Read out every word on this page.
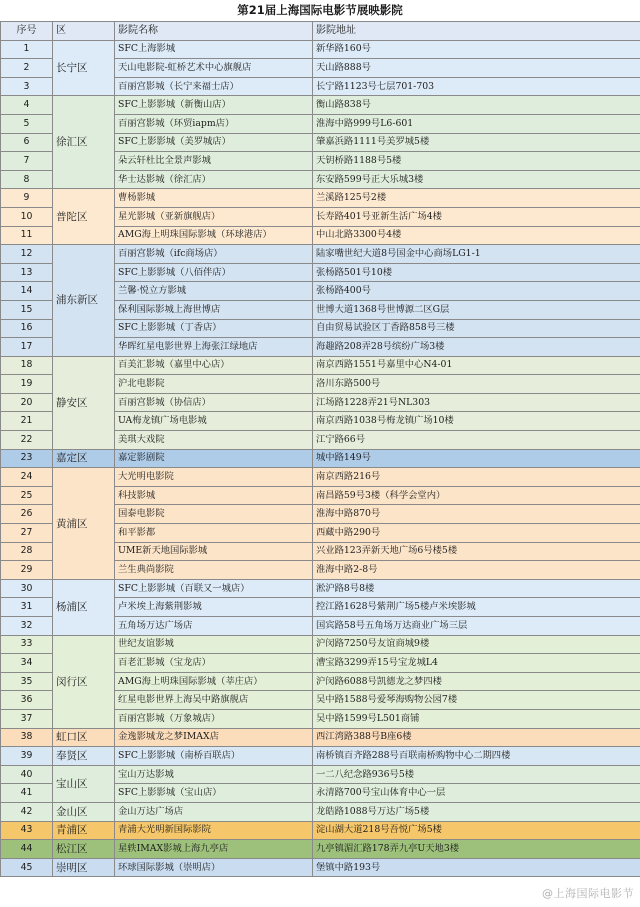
第21届上海国际电影节展映影院
序号	区	影院名称	影院地址
1	长宁区	SFC上海影城	新华路160号
2		天山电影院-虹桥艺术中心旗舰店	天山路888号
3		百丽宫影城（长宁来福士店）	长宁路1123号七层701-703
4	徐汇区	SFC上影影城（新衡山店）	衡山路838号
5		百丽宫影城（环贸iapm店）	淮海中路999号L6-601
6		SFC上影影城（美罗城店）	肇嘉浜路1111号美罗城5楼
7		朵云轩杜比全景声影城	天钥桥路1188号5楼
8		华士达影城（徐汇店）	东安路599号正大乐城3楼
9	普陀区	曹杨影城	兰溪路125号2楼
10		星光影城（亚新旗舰店）	长寿路401号亚新生活广场4楼
11		AMG海上明珠国际影城（环球港店）	中山北路3300号4楼
12	浦东新区	百丽宫影城（ifc商场店）	陆家嘴世纪大道8号国金中心商场LG1-1
13		SFC上影影城（八佰伴店）	张杨路501号10楼
14		兰馨·悦立方影城	张杨路400号
15		保利国际影城上海世博店	世博大道1368号世博源二区G层
16		SFC上影影城（丁香店）	自由贸易试验区丁香路858号三楼
17		华晖红星电影世界上海张江绿地店	海趣路208弄28号缤纷广场3楼
18	静安区	百美汇影城（嘉里中心店）	南京西路1551号嘉里中心N4-01
19		沪北电影院	洛川东路500号
20		百丽宫影城（协信店）	江场路1228弄21号NL303
21		UA梅龙镇广场电影城	南京西路1038号梅龙镇广场10楼
22		美琪大戏院	江宁路66号
23	嘉定区	嘉定影剧院	城中路149号
24	黄浦区	大光明电影院	南京西路216号
25		科技影城	南昌路59号3楼（科学会堂内）
26		国泰电影院	淮海中路870号
27		和平影都	西藏中路290号
28		UME新天地国际影城	兴业路123弄新天地广场6号楼5楼
29		兰生典尚影院	淮海中路2-8号
30	杨浦区	SFC上影影城（百联又一城店）	淞沪路8号8楼
31		卢米埃上海紫荆影城	控江路1628号紫荆广场5楼卢米埃影城
32		五角场万达广场店	国宾路58号五角场万达商业广场三层
33	闵行区	世纪友谊影城	沪闵路7250号友谊商城9楼
34		百老汇影城（宝龙店）	漕宝路3299弄15号宝龙城L4
35		AMG海上明珠国际影城（莘庄店）	沪闵路6088号凯德龙之梦四楼
36		红星电影世界上海吴中路旗舰店	吴中路1588号爱琴海购物公园7楼
37		百丽宫影城（万象城店）	吴中路1599号L501商铺
38	虹口区	金逸影城龙之梦IMAX店	西江湾路388号B座6楼
39	奉贤区	SFC上影影城（南桥百联店）	南桥镇百齐路288号百联南桥购物中心二期四楼
40	宝山区	宝山万达影城	一二八纪念路936号5楼
41		SFC上影影城（宝山店）	永清路700号宝山体育中心一层
42	金山区	金山万达广场店	龙皓路1088号万达广场5楼
43	青浦区	青浦大光明新国际影院	淀山湖大道218号吾悦广场5楼
44	松江区	星轶IMAX影城上海九亭店	九亭镇湄汇路178弄九亭U天地3楼
45	崇明区	环球国际影城（崇明店）	堡镇中路193号
@上海国际电影节
